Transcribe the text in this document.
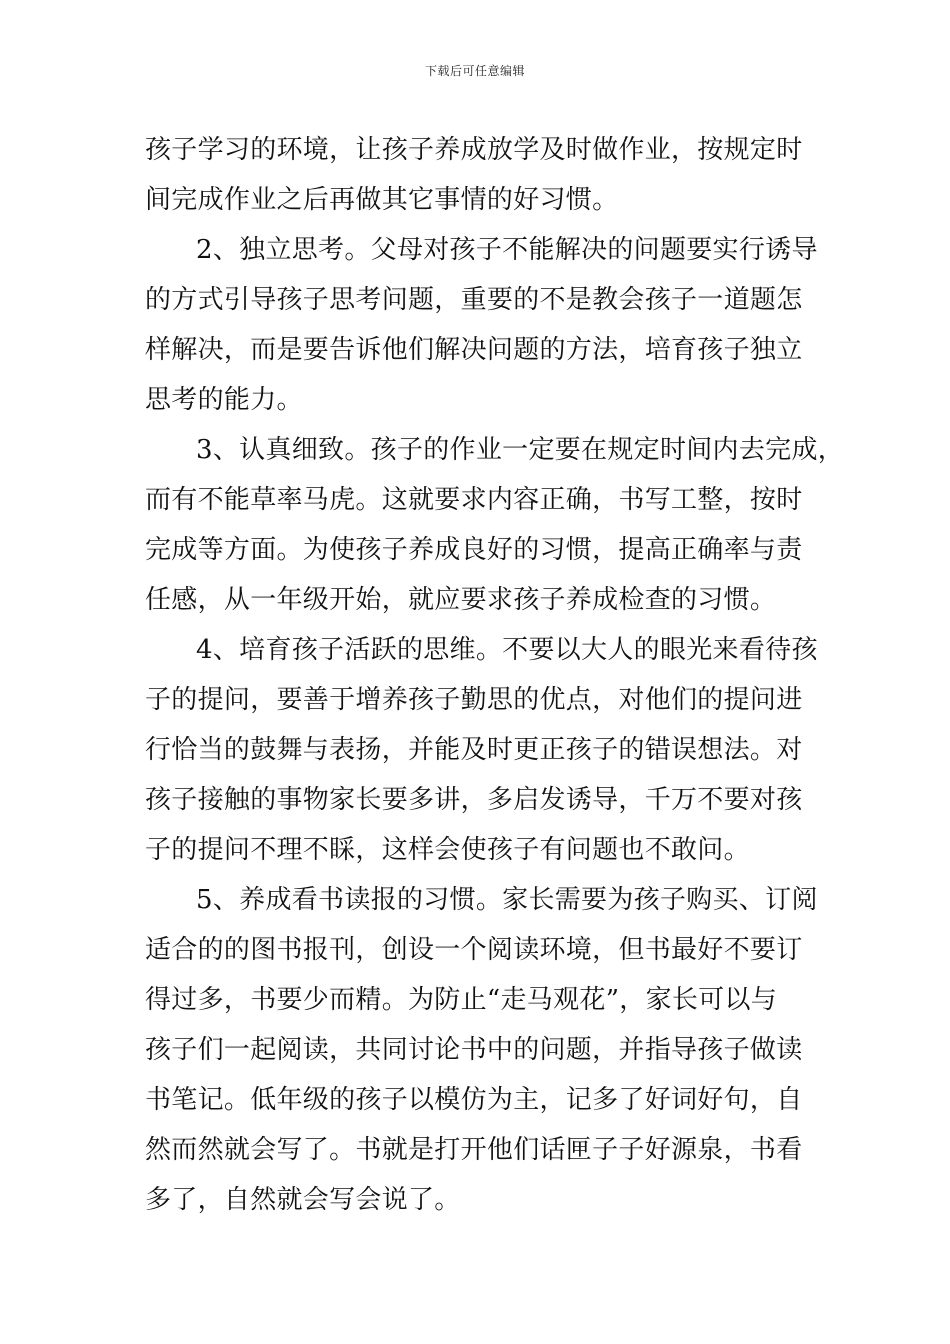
下载后可任意编辑
孩子学习的环境，让孩子养成放学及时做作业，按规定时
间完成作业之后再做其它事情的好习惯。
2、独立思考。父母对孩子不能解决的问题要实行诱导
的方式引导孩子思考问题，重要的不是教会孩子一道题怎
样解决，而是要告诉他们解决问题的方法，培育孩子独立
思考的能力。
3、认真细致。孩子的作业一定要在规定时间内去完成，
而有不能草率马虎。这就要求内容正确，书写工整，按时
完成等方面。为使孩子养成良好的习惯，提高正确率与责
任感，从一年级开始，就应要求孩子养成检查的习惯。
4、培育孩子活跃的思维。不要以大人的眼光来看待孩
子的提问，要善于增养孩子勤思的优点，对他们的提问进
行恰当的鼓舞与表扬，并能及时更正孩子的错误想法。对
孩子接触的事物家长要多讲，多启发诱导，千万不要对孩
子的提问不理不睬，这样会使孩子有问题也不敢问。
5、养成看书读报的习惯。家长需要为孩子购买、订阅
适合的的图书报刊，创设一个阅读环境，但书最好不要订
得过多，书要少而精。为防止“走马观花”，家长可以与
孩子们一起阅读，共同讨论书中的问题，并指导孩子做读
书笔记。低年级的孩子以模仿为主，记多了好词好句，自
然而然就会写了。书就是打开他们话匣子子好源泉，书看
多了，自然就会写会说了。
